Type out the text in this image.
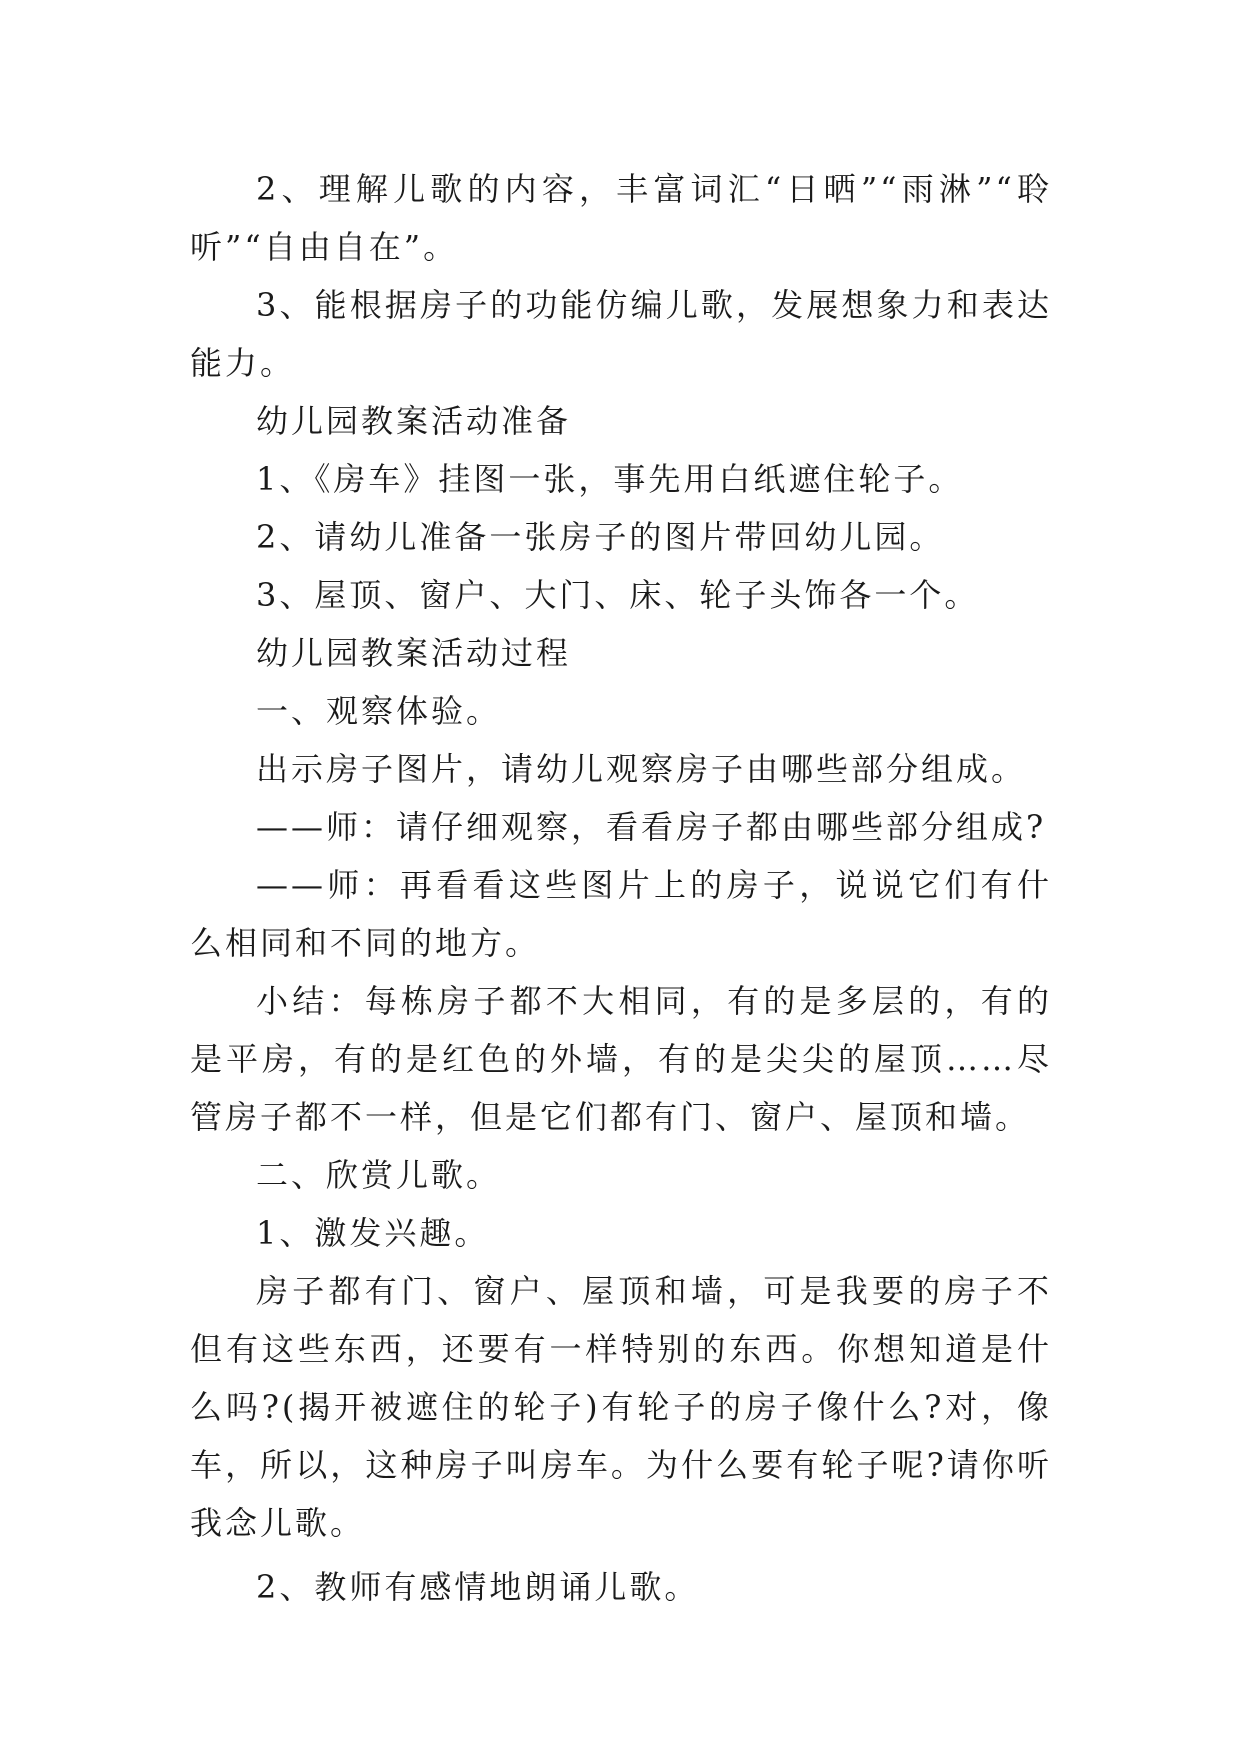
2、理解儿歌的内容，丰富词汇“日晒”“雨淋”“聆听”“自由自在”。

3、能根据房子的功能仿编儿歌，发展想象力和表达能力。

幼儿园教案活动准备

1、《房车》挂图一张，事先用白纸遮住轮子。

2、请幼儿准备一张房子的图片带回幼儿园。

3、屋顶、窗户、大门、床、轮子头饰各一个。

幼儿园教案活动过程

一、观察体验。

出示房子图片，请幼儿观察房子由哪些部分组成。

——师：请仔细观察，看看房子都由哪些部分组成?

——师：再看看这些图片上的房子，说说它们有什么相同和不同的地方。

小结：每栋房子都不大相同，有的是多层的，有的是平房，有的是红色的外墙，有的是尖尖的屋顶……尽管房子都不一样，但是它们都有门、窗户、屋顶和墙。

二、欣赏儿歌。

1、激发兴趣。

房子都有门、窗户、屋顶和墙，可是我要的房子不但有这些东西，还要有一样特别的东西。你想知道是什么吗?(揭开被遮住的轮子)有轮子的房子像什么?对，像车，所以，这种房子叫房车。为什么要有轮子呢?请你听我念儿歌。

2、教师有感情地朗诵儿歌。
